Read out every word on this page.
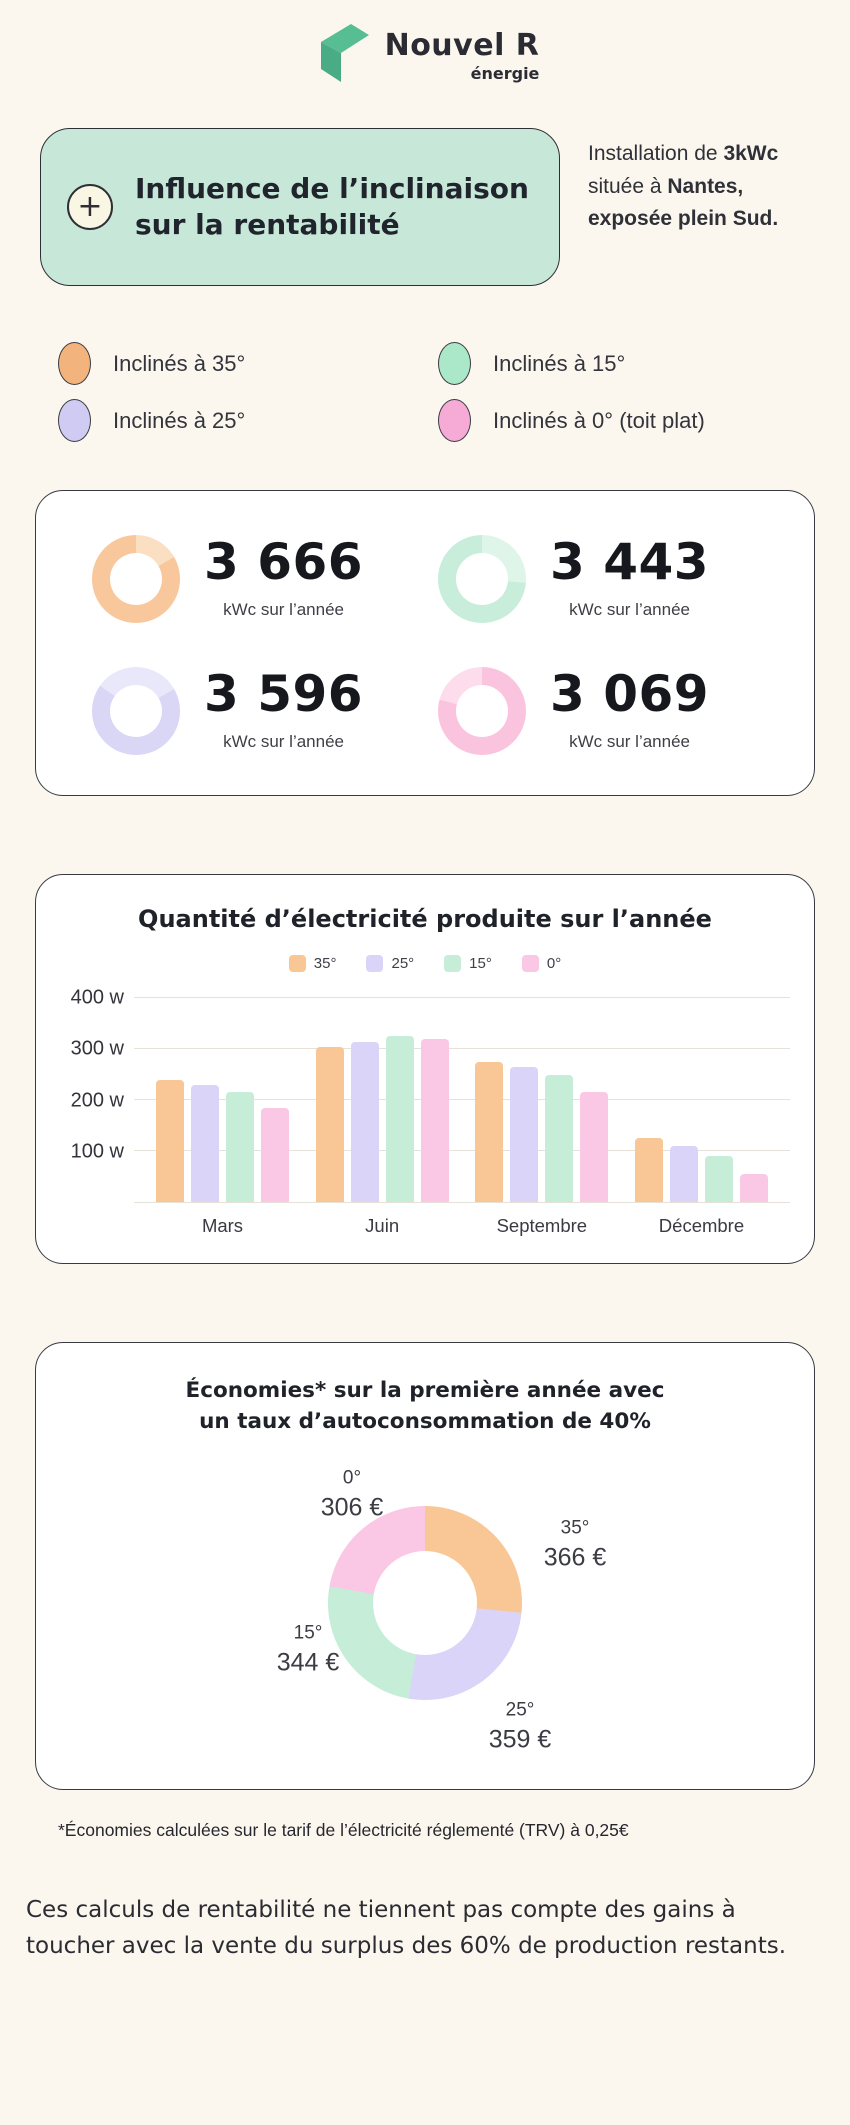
Nouvel R
énergie
+
Influence de l’inclinaison
sur la rentabilité
Installation de 3kWc située à Nantes, exposée plein Sud.
Inclinés à 35°
Inclinés à 25°
Inclinés à 15°
Inclinés à 0° (toit plat)
3 666
kWc sur l’année
3 443
kWc sur l’année
3 596
kWc sur l’année
3 069
kWc sur l’année
Quantité d’électricité produite sur l’année
35°	25°	15°	0°
100 w
200 w
300 w
400 w
Mars	Juin	Septembre	Décembre
Économies* sur la première année avec
un taux d’autoconsommation de 40%
35°
366 €
25°
359 €
15°
344 €
0°
306 €
*Économies calculées sur le tarif de l’électricité réglementé (TRV) à 0,25€
Ces calculs de rentabilité ne tiennent pas compte des gains à toucher avec la vente du surplus des 60% de production restants.
